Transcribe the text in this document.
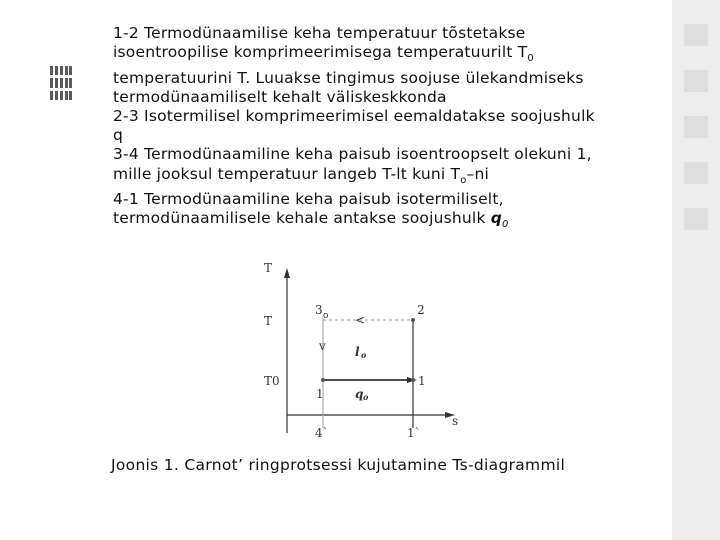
1-2 Termodünaamilise keha temperatuur tõstetakse
isoentroopilise komprimeerimisega temperatuurilt $T_0$
temperatuurini T. Luuakse tingimus soojuse ülekandmiseks
termodünaamiliselt kehalt väliskeskkonda
2-3 Isotermilisel komprimeerimisel eemaldatakse soojushulk
q
3-4 Termodünaamiline keha paisub isoentroopselt olekuni 1,
mille jooksul temperatuur langeb T-lt kuni $T_o-ni$
4-1 Termodünaamiline keha paisub isotermiliselt,
termodünaamilisele kehale antakse soojushulk $q_0$
<
v
T
T
T0
s
3 o	2
1
1
4`	1`
l o
q o
Joonis 1. Carnot’ ringprotsessi kujutamine Ts-diagrammil
